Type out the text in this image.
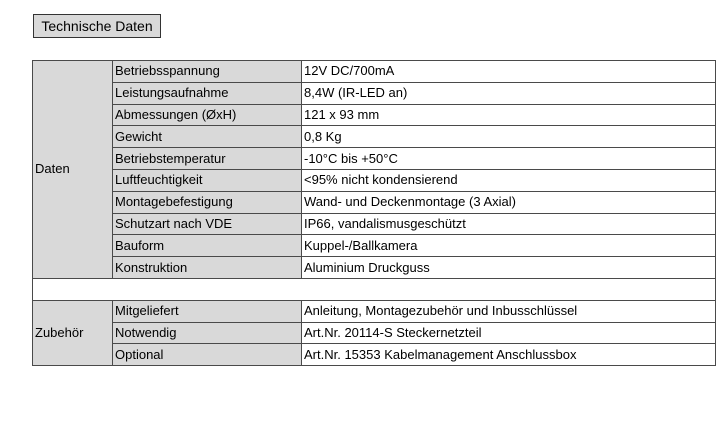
Technische Daten
Daten	Betriebsspannung	12V DC/700mA
	Leistungsaufnahme	8,4W (IR-LED an)
	Abmessungen (ØxH)	121 x 93 mm
	Gewicht	0,8 Kg
	Betriebstemperatur	-10°C bis +50°C
	Luftfeuchtigkeit	<95% nicht kondensierend
	Montagebefestigung	Wand- und Deckenmontage (3 Axial)
	Schutzart nach VDE	IP66, vandalismusgeschützt
	Bauform	Kuppel-/Ballkamera
	Konstruktion	Aluminium Druckguss

Zubehör	Mitgeliefert	Anleitung, Montagezubehör und Inbusschlüssel
	Notwendig	Art.Nr. 20114-S Steckernetzteil
	Optional	Art.Nr. 15353 Kabelmanagement Anschlussbox
